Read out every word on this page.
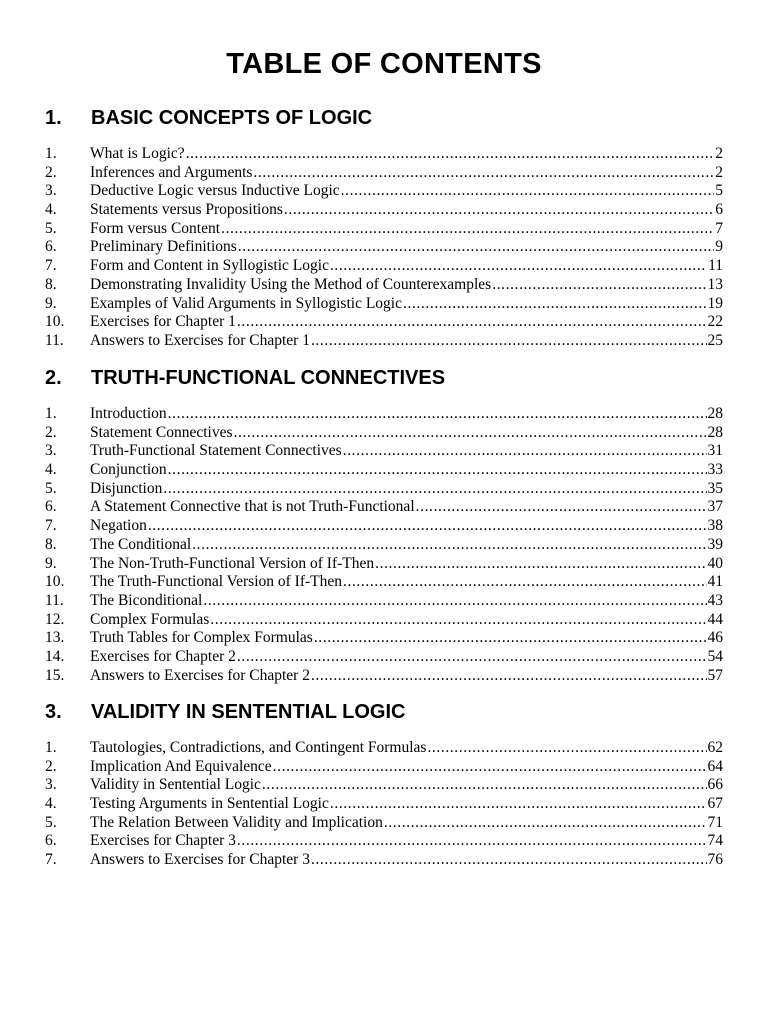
TABLE OF CONTENTS
1. BASIC CONCEPTS OF LOGIC
1. What is Logic? .....	2
2. Inferences and Arguments .....	2
3. Deductive Logic versus Inductive Logic .....	5
4. Statements versus Propositions .....	6
5. Form versus Content .....	7
6. Preliminary Definitions .....	9
7. Form and Content in Syllogistic Logic .....	11
8. Demonstrating Invalidity Using the Method of Counterexamples .....	13
9. Examples of Valid Arguments in Syllogistic Logic .....	19
10. Exercises for Chapter 1 .....	22
11. Answers to Exercises for Chapter 1 .....	25
2. TRUTH-FUNCTIONAL CONNECTIVES
1. Introduction .....	28
2. Statement Connectives .....	28
3. Truth-Functional Statement Connectives .....	31
4. Conjunction .....	33
5. Disjunction .....	35
6. A Statement Connective that is not Truth-Functional .....	37
7. Negation .....	38
8. The Conditional .....	39
9. The Non-Truth-Functional Version of If-Then .....	40
10. The Truth-Functional Version of If-Then .....	41
11. The Biconditional .....	43
12. Complex Formulas .....	44
13. Truth Tables for Complex Formulas .....	46
14. Exercises for Chapter 2 .....	54
15. Answers to Exercises for Chapter 2 .....	57
3. VALIDITY IN SENTENTIAL LOGIC
1. Tautologies, Contradictions, and Contingent Formulas .....	62
2. Implication And Equivalence .....	64
3. Validity in Sentential Logic .....	66
4. Testing Arguments in Sentential Logic .....	67
5. The Relation Between Validity and Implication .....	71
6. Exercises for Chapter 3 .....	74
7. Answers to Exercises for Chapter 3 .....	76
